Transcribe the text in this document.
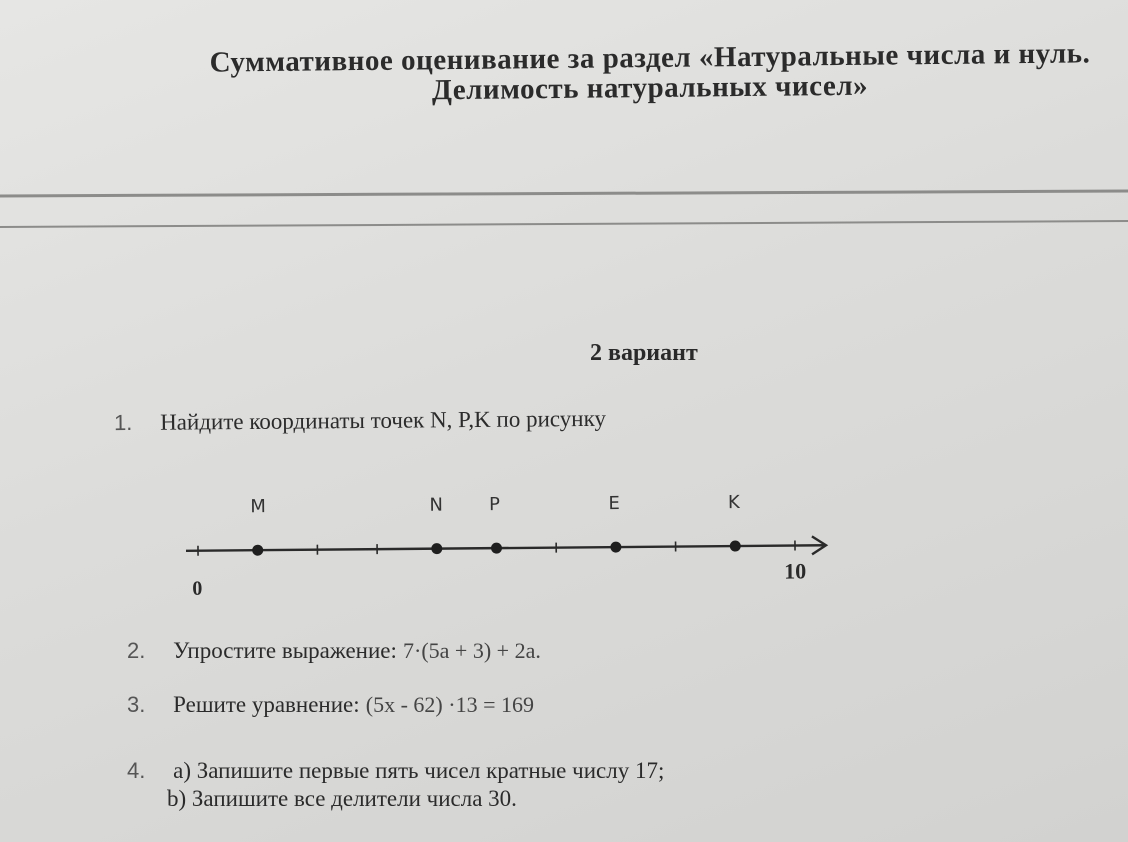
Суммативное оценивание за раздел «Натуральные числа и нуль.
Делимость натуральных чисел»
2 вариант
1. Найдите координаты точек N, P,K по рисунку
M	N	P	E	K
0
10
2. Упростите выражение: 7·(5a + 3) + 2a.
3. Решите уравнение: (5x - 62) ·13 = 169
4. a) Запишите первые пять чисел кратные числу 17;
b) Запишите все делители числа 30.
